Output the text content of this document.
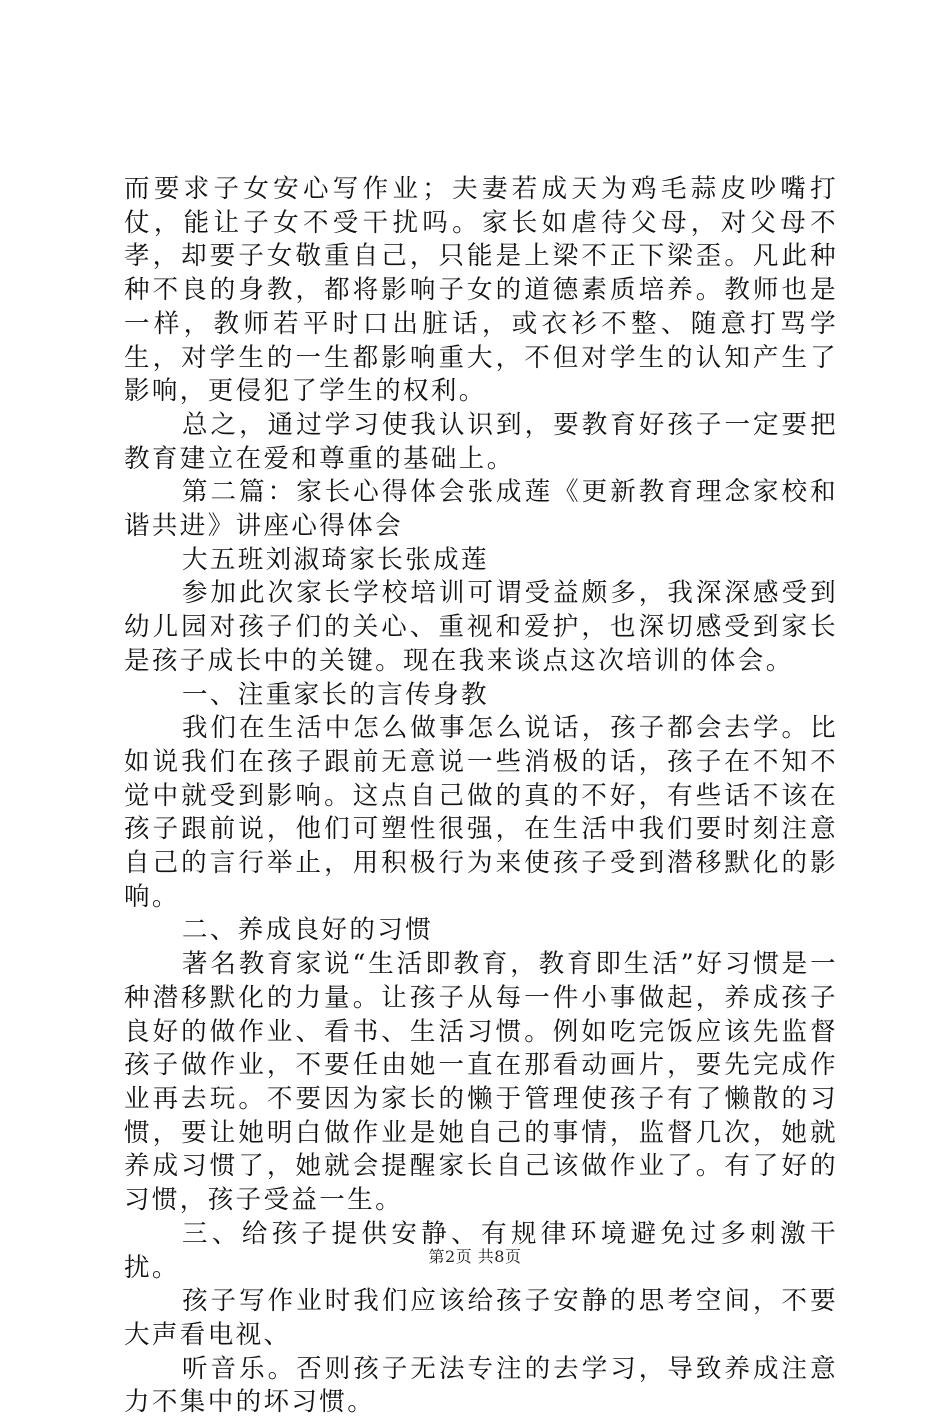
而要求子女安心写作业；夫妻若成天为鸡毛蒜皮吵嘴打仗，能让子女不受干扰吗。家长如虐待父母，对父母不孝，却要子女敬重自己，只能是上梁不正下梁歪。凡此种种不良的身教，都将影响子女的道德素质培养。教师也是一样，教师若平时口出脏话，或衣衫不整、随意打骂学生，对学生的一生都影响重大，不但对学生的认知产生了影响，更侵犯了学生的权利。

总之，通过学习使我认识到，要教育好孩子一定要把教育建立在爱和尊重的基础上。

第二篇：家长心得体会张成莲《更新教育理念家校和谐共进》讲座心得体会

大五班刘淑琦家长张成莲

参加此次家长学校培训可谓受益颇多，我深深感受到幼儿园对孩子们的关心、重视和爱护，也深切感受到家长是孩子成长中的关键。现在我来谈点这次培训的体会。

一、注重家长的言传身教

我们在生活中怎么做事怎么说话，孩子都会去学。比如说我们在孩子跟前无意说一些消极的话，孩子在不知不觉中就受到影响。这点自己做的真的不好，有些话不该在孩子跟前说，他们可塑性很强，在生活中我们要时刻注意自己的言行举止，用积极行为来使孩子受到潜移默化的影响。

二、养成良好的习惯

著名教育家说“生活即教育，教育即生活”好习惯是一种潜移默化的力量。让孩子从每一件小事做起，养成孩子良好的做作业、看书、生活习惯。例如吃完饭应该先监督孩子做作业，不要任由她一直在那看动画片，要先完成作业再去玩。不要因为家长的懒于管理使孩子有了懒散的习惯，要让她明白做作业是她自己的事情，监督几次，她就养成习惯了，她就会提醒家长自己该做作业了。有了好的习惯，孩子受益一生。

三、给孩子提供安静、有规律环境避免过多刺激干扰。

孩子写作业时我们应该给孩子安静的思考空间，不要大声看电视、

听音乐。否则孩子无法专注的去学习，导致养成注意力不集中的坏习惯。

第2页 共8页
